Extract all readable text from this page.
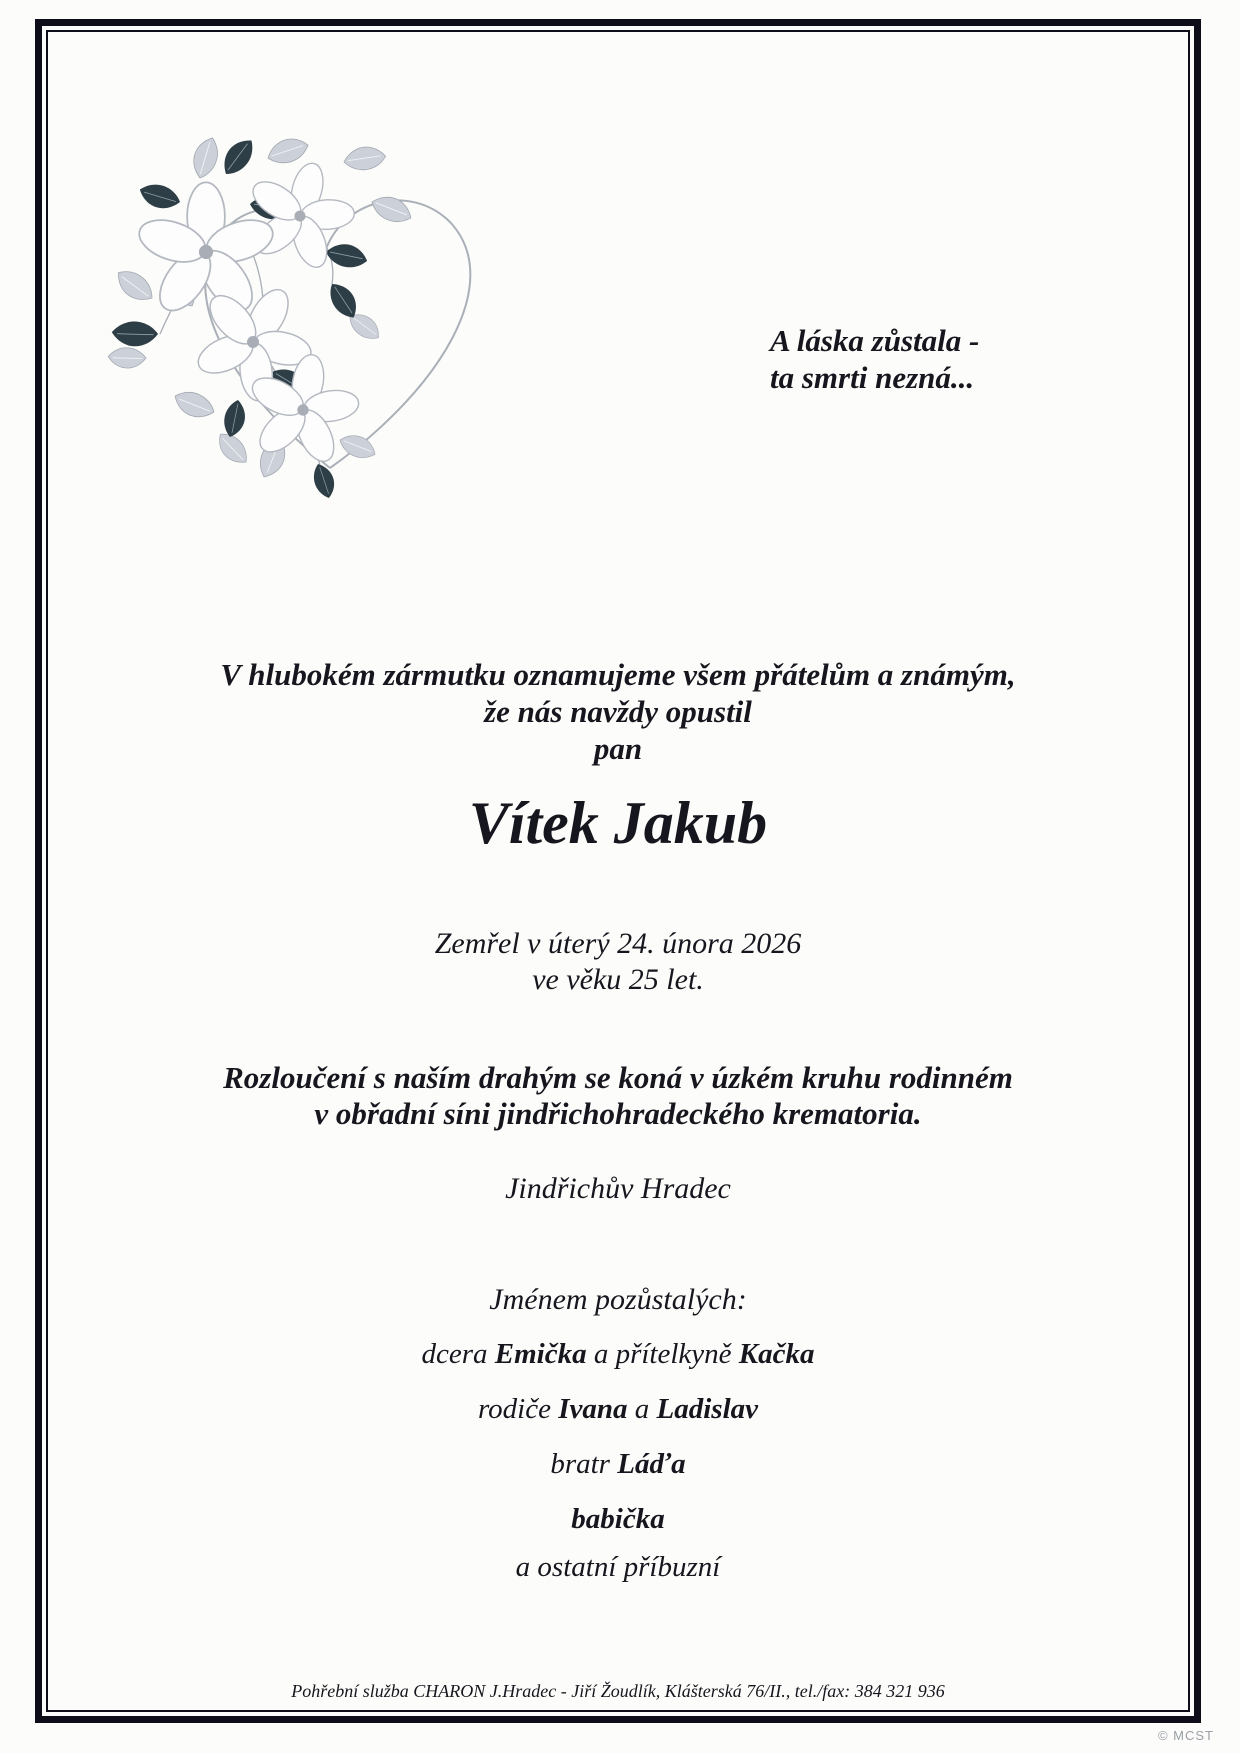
A láska zůstala -
ta smrti nezná...
V hlubokém zármutku oznamujeme všem přátelům a známým,
že nás navždy opustil
pan
Vítek Jakub
Zemřel v úterý 24. února 2026
ve věku 25 let.
Rozloučení s naším drahým se koná v úzkém kruhu rodinném
v obřadní síni jindřichohradeckého krematoria.
Jindřichův Hradec
Jménem pozůstalých:
dcera Emička a přítelkyně Kačka
rodiče Ivana a Ladislav
bratr Láďa
babička
a ostatní příbuzní
Pohřební služba CHARON J.Hradec - Jiří Žoudlík, Klášterská 76/II., tel./fax: 384 321 936
© MCST
